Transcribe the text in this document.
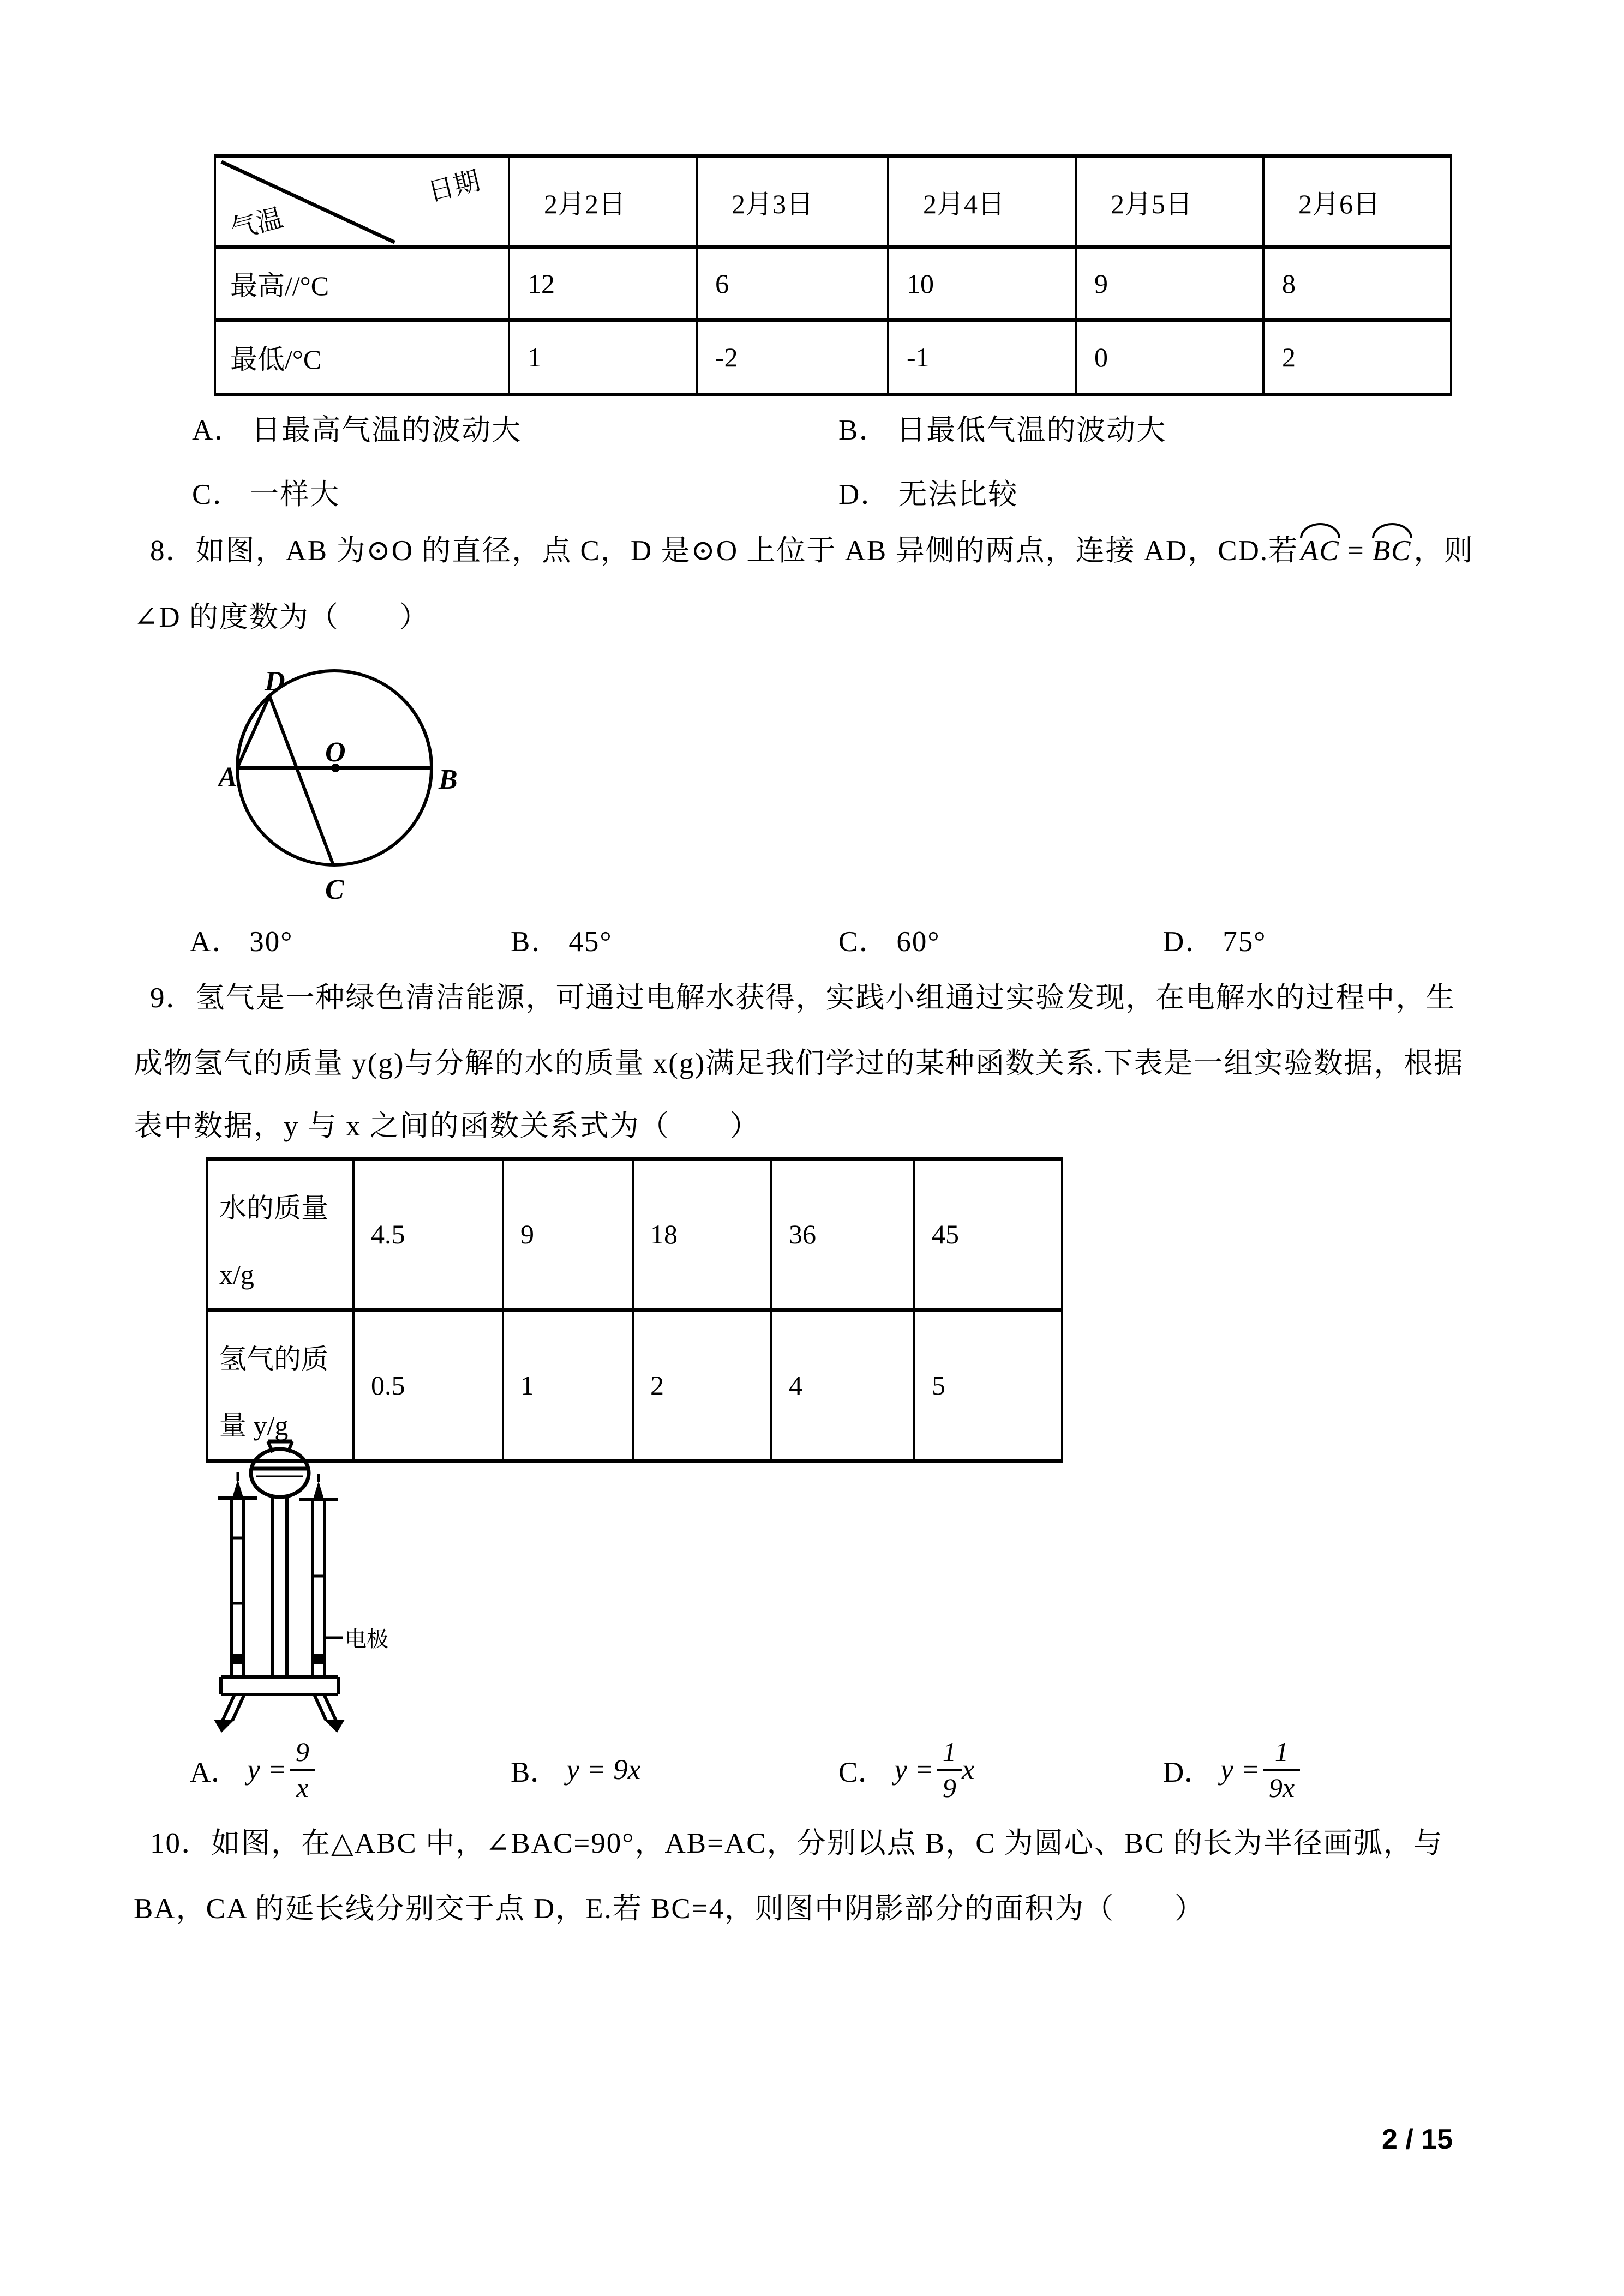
日期
气温	2月2日	2月3日	2月4日	2月5日	2月6日
最高//°C	12	6	10	9	8
最低/°C	1	-2	-1	0	2
A． 日最高气温的波动大	B． 日最低气温的波动大
C． 一样大	D． 无法比较
8．如图，AB 为⊙O 的直径，点 C，D 是⊙O 上位于 AB 异侧的两点，连接 AD，CD.若AC = BC，则
∠D 的度数为（　　）
D
A	B
O
C
A． 30°	B． 45°	C． 60°	D． 75°
9．氢气是一种绿色清洁能源，可通过电解水获得，实践小组通过实验发现，在电解水的过程中，生
成物氢气的质量 y(g)与分解的水的质量 x(g)满足我们学过的某种函数关系.下表是一组实验数据，根据
表中数据，y 与 x 之间的函数关系式为（　　）
水的质量
x/g	4.5	9	18	36	45

氢气的质
量 y/g	0.5	1	2	4	5
电极
A． $y = \frac{9}{x}$	B． y = 9x	C． $y = \frac{1}{9}$ x	D． $y = \frac{1}{9x}$
10．如图，在△ABC 中，∠BAC=90°，AB=AC，分别以点 B，C 为圆心、BC 的长为半径画弧，与
BA，CA 的延长线分别交于点 D，E.若 BC=4，则图中阴影部分的面积为（　　）
2 / 15
